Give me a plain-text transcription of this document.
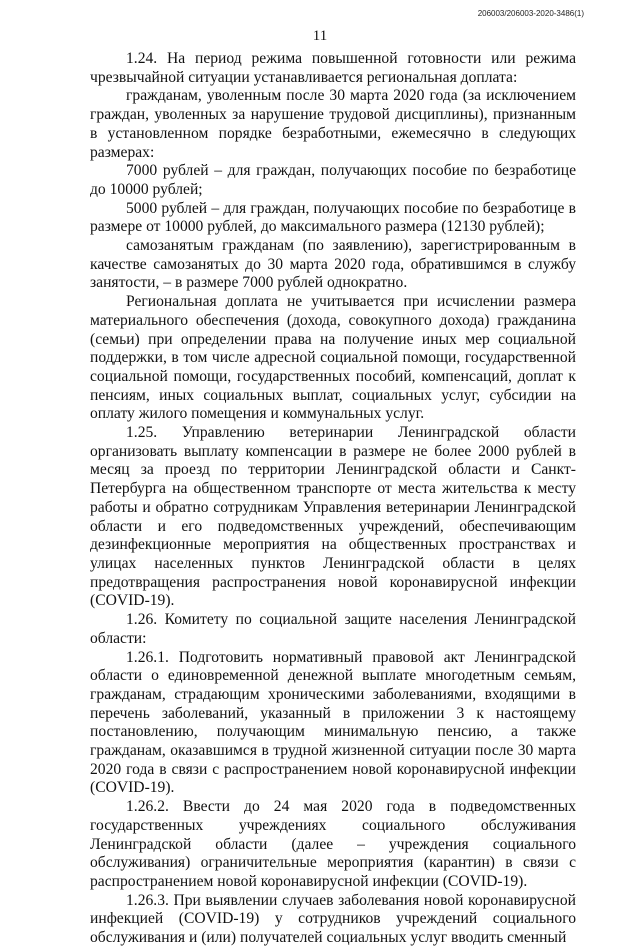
206003/206003-2020-3486(1)
11

1.24. На период режима повышенной готовности или режима чрезвычайной ситуации устанавливается региональная доплата:

гражданам, уволенным после 30 марта 2020 года (за исключением граждан, уволенных за нарушение трудовой дисциплины), признанным в установленном порядке безработными, ежемесячно в следующих размерах:

7000 рублей – для граждан, получающих пособие по безработице до 10000 рублей;

5000 рублей – для граждан, получающих пособие по безработице в размере от 10000 рублей, до максимального размера (12130 рублей);

самозанятым гражданам (по заявлению), зарегистрированным в качестве самозанятых до 30 марта 2020 года, обратившимся в службу занятости, – в размере 7000 рублей однократно.

Региональная доплата не учитывается при исчислении размера материального обеспечения (дохода, совокупного дохода) гражданина (семьи) при определении права на получение иных мер социальной поддержки, в том числе адресной социальной помощи, государственной социальной помощи, государственных пособий, компенсаций, доплат к пенсиям, иных социальных выплат, социальных услуг, субсидии на оплату жилого помещения и коммунальных услуг.

1.25. Управлению ветеринарии Ленинградской области организовать выплату компенсации в размере не более 2000 рублей в месяц за проезд по территории Ленинградской области и Санкт-Петербурга на общественном транспорте от места жительства к месту работы и обратно сотрудникам Управления ветеринарии Ленинградской области и его подведомственных учреждений, обеспечивающим дезинфекционные мероприятия на общественных пространствах и улицах населенных пунктов Ленинградской области в целях предотвращения распространения новой коронавирусной инфекции (COVID-19).

1.26. Комитету по социальной защите населения Ленинградской области:

1.26.1. Подготовить нормативный правовой акт Ленинградской области о единовременной денежной выплате многодетным семьям, гражданам, страдающим хроническими заболеваниями, входящими в перечень заболеваний, указанный в приложении 3 к настоящему постановлению, получающим минимальную пенсию, а также гражданам, оказавшимся в трудной жизненной ситуации после 30 марта 2020 года в связи с распространением новой коронавирусной инфекции (COVID-19).

1.26.2. Ввести до 24 мая 2020 года в подведомственных государственных учреждениях социального обслуживания Ленинградской области (далее – учреждения социального обслуживания) ограничительные мероприятия (карантин) в связи с распространением новой коронавирусной инфекции (COVID-19).

1.26.3. При выявлении случаев заболевания новой коронавирусной инфекцией (COVID-19) у сотрудников учреждений социального обслуживания и (или) получателей социальных услуг вводить сменный
